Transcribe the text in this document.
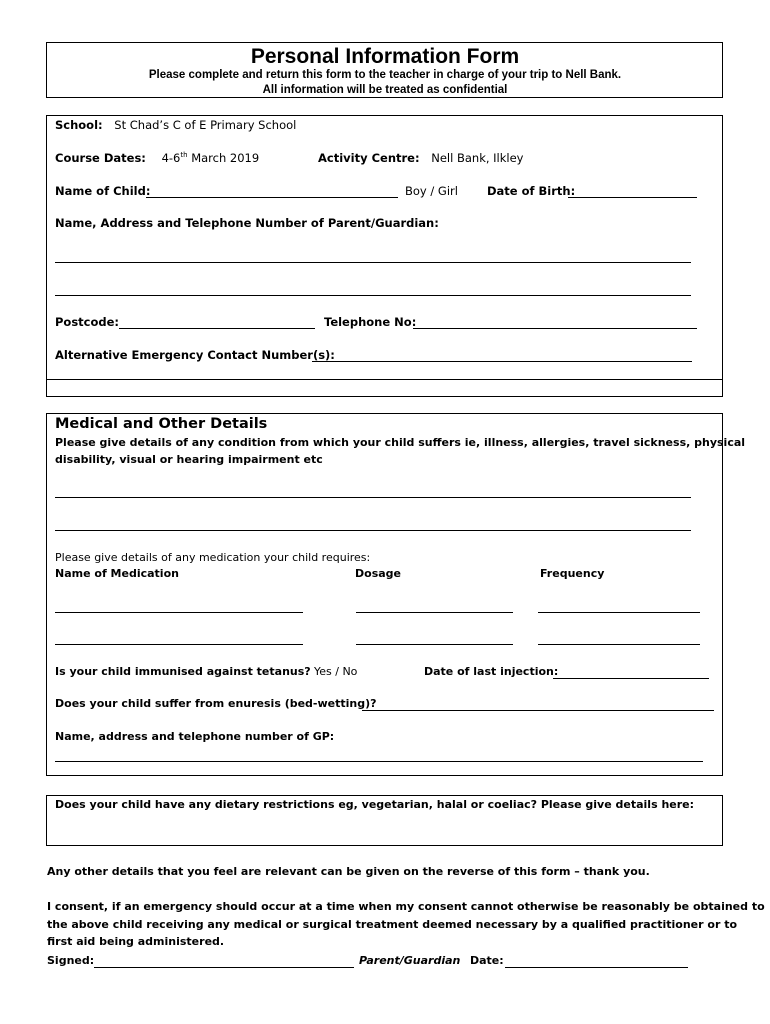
Personal Information Form
Please complete and return this form to the teacher in charge of your trip to Nell Bank.
All information will be treated as confidential
School: St Chad’s C of E Primary School
Course Dates: 4-6th March 2019	Activity Centre: Nell Bank, Ilkley
Name of Child:	Boy / Girl	Date of Birth:
Name, Address and Telephone Number of Parent/Guardian:
Postcode:	Telephone No:
Alternative Emergency Contact Number(s):
Medical and Other Details
Please give details of any condition from which your child suffers ie, illness, allergies, travel sickness, physical
disability, visual or hearing impairment etc
Please give details of any medication your child requires:
Name of Medication	Dosage	Frequency
Is your child immunised against tetanus? Yes / No	Date of last injection:
Does your child suffer from enuresis (bed-wetting)?
Name, address and telephone number of GP:
Does your child have any dietary restrictions eg, vegetarian, halal or coeliac? Please give details here:
Any other details that you feel are relevant can be given on the reverse of this form – thank you.
I consent, if an emergency should occur at a time when my consent cannot otherwise be reasonably be obtained to
the above child receiving any medical or surgical treatment deemed necessary by a qualified practitioner or to
first aid being administered.
Signed:	Parent/Guardian Date:
